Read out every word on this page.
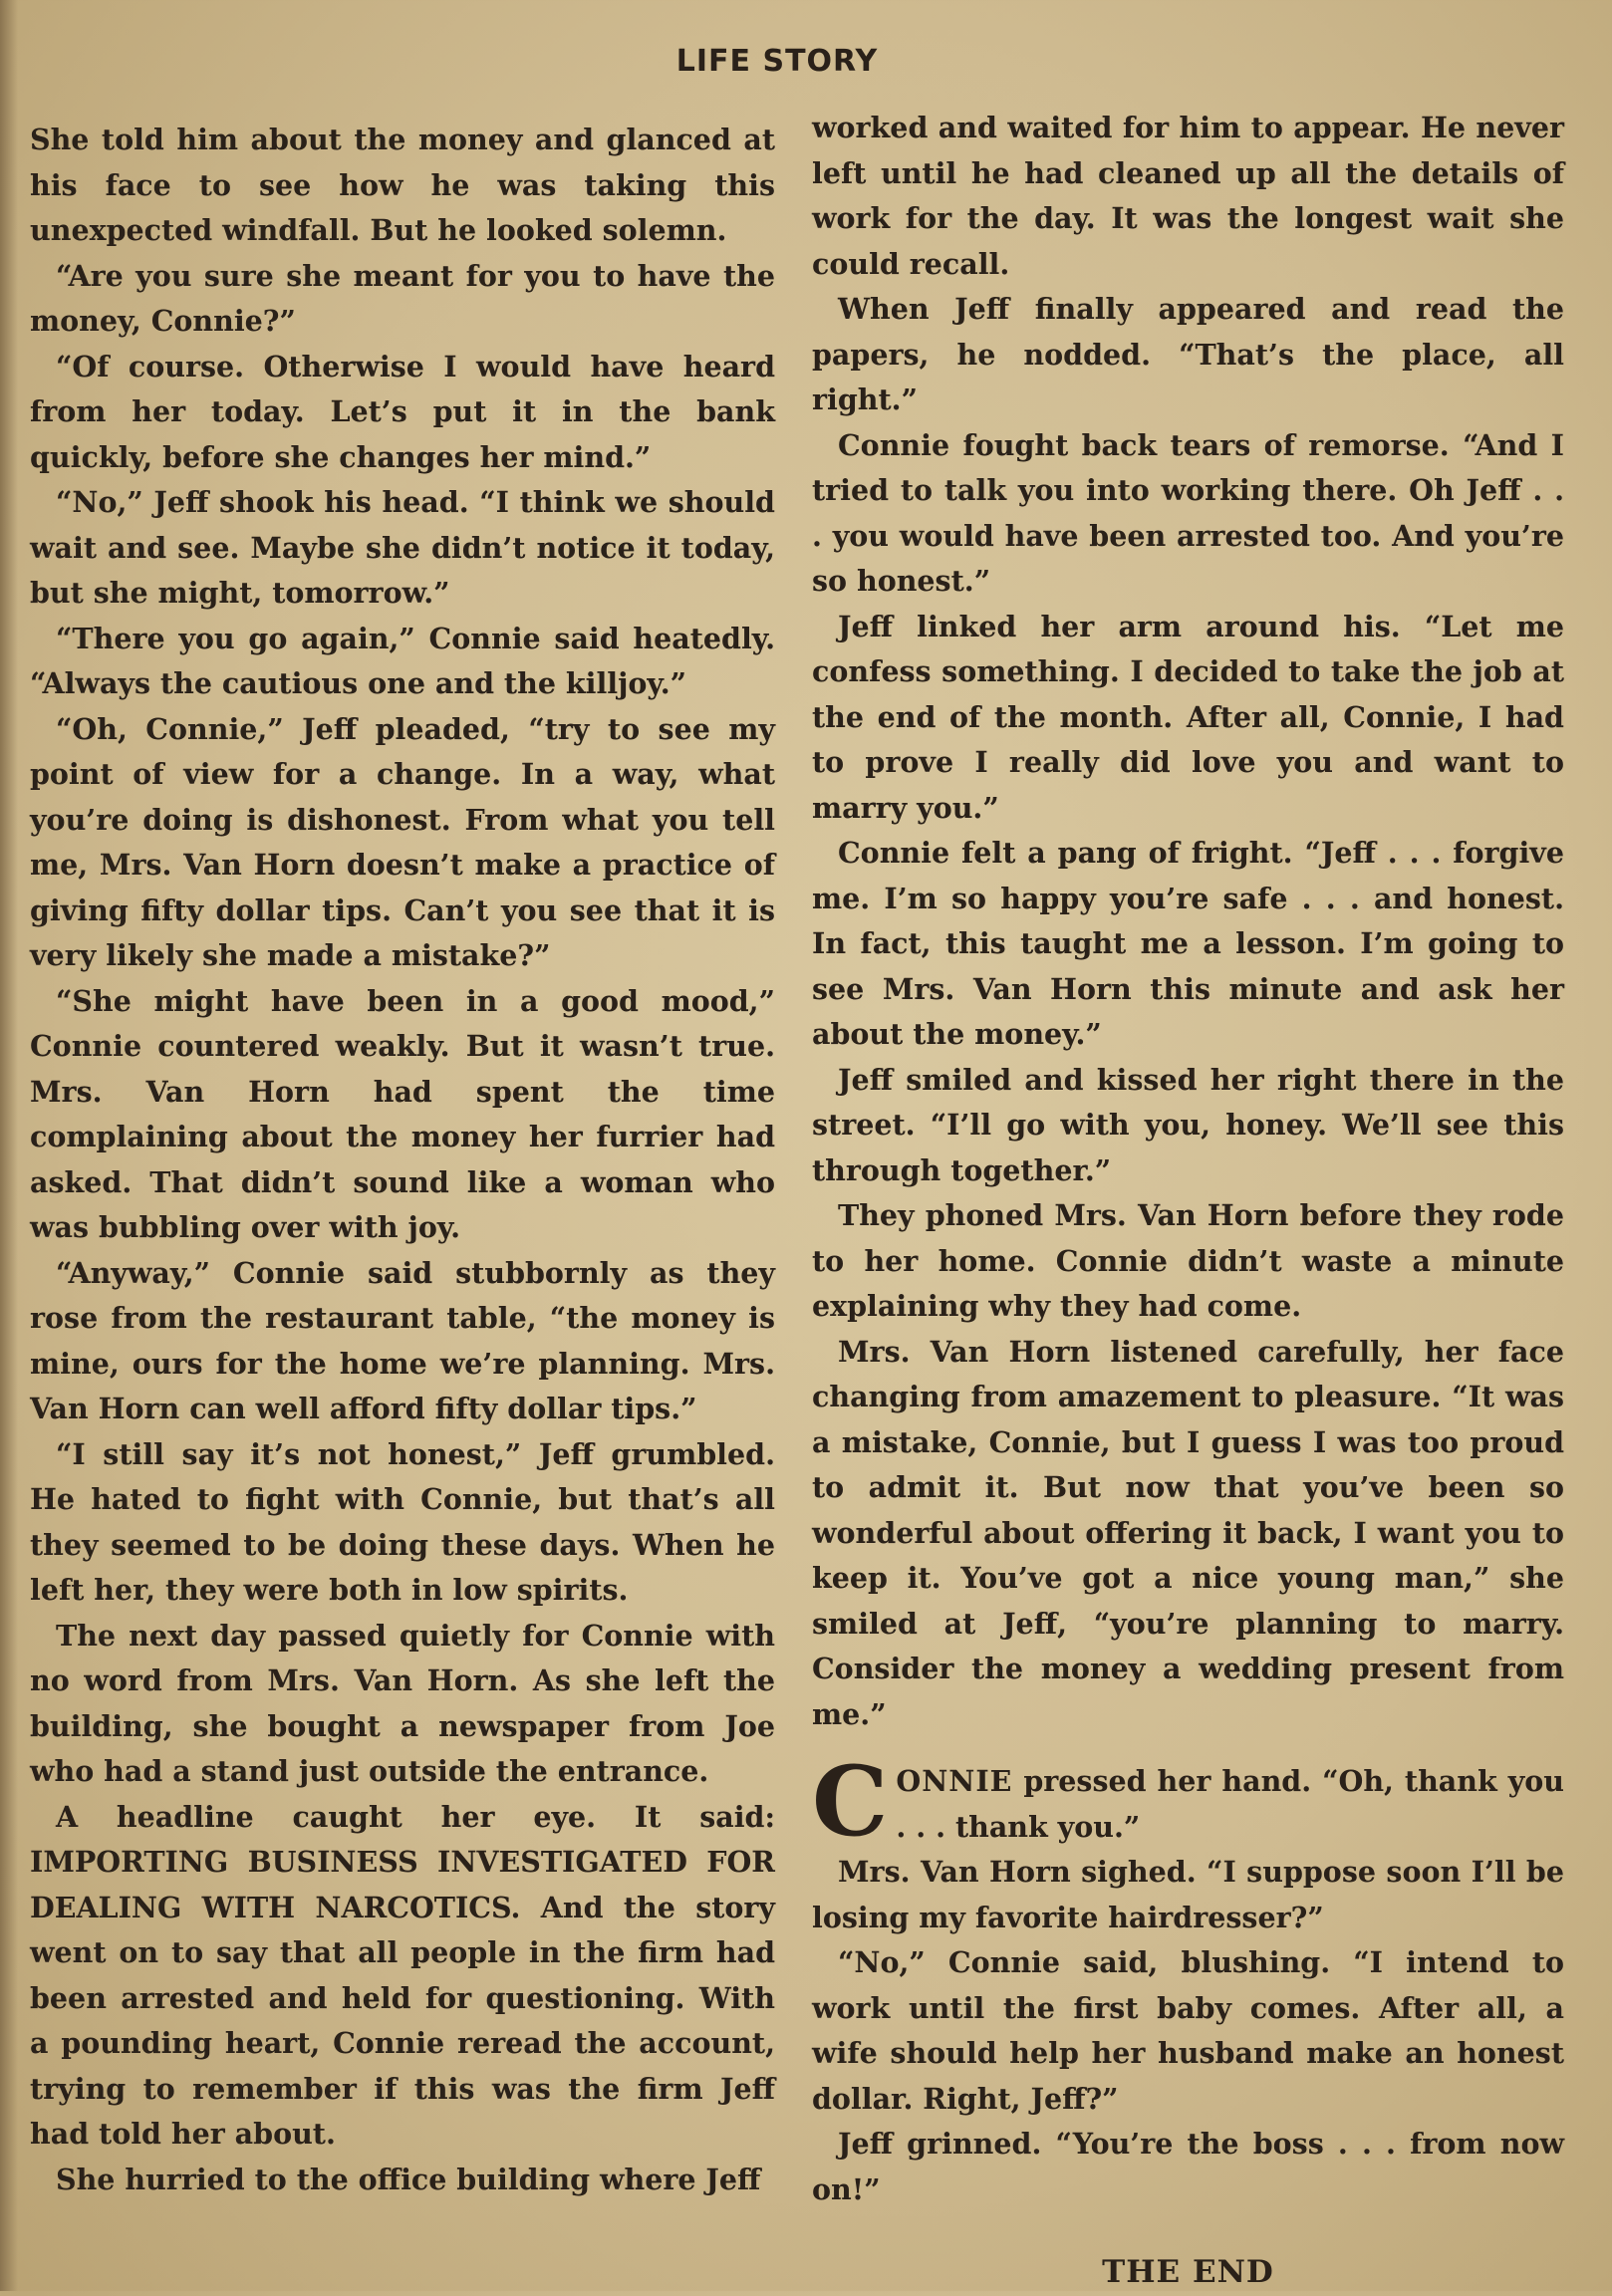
LIFE STORY

She told him about the money and glanced at his face to see how he was taking this unexpected windfall. But he looked solemn.

“Are you sure she meant for you to have the money, Connie?”

“Of course. Otherwise I would have heard from her today. Let’s put it in the bank quickly, before she changes her mind.”

“No,” Jeff shook his head. “I think we should wait and see. Maybe she didn’t notice it today, but she might, tomorrow.”

“There you go again,” Connie said heatedly. “Always the cautious one and the killjoy.”

“Oh, Connie,” Jeff pleaded, “try to see my point of view for a change. In a way, what you’re doing is dishonest. From what you tell me, Mrs. Van Horn doesn’t make a practice of giving fifty dollar tips. Can’t you see that it is very likely she made a mistake?”

“She might have been in a good mood,” Connie countered weakly. But it wasn’t true. Mrs. Van Horn had spent the time complaining about the money her furrier had asked. That didn’t sound like a woman who was bubbling over with joy.

“Anyway,” Connie said stubbornly as they rose from the restaurant table, “the money is mine, ours for the home we’re planning. Mrs. Van Horn can well afford fifty dollar tips.”

“I still say it’s not honest,” Jeff grumbled. He hated to fight with Connie, but that’s all they seemed to be doing these days. When he left her, they were both in low spirits.

The next day passed quietly for Connie with no word from Mrs. Van Horn. As she left the building, she bought a newspaper from Joe who had a stand just outside the entrance.

A headline caught her eye. It said: IMPORTING BUSINESS INVESTIGATED FOR DEALING WITH NARCOTICS. And the story went on to say that all people in the firm had been arrested and held for questioning. With a pounding heart, Connie reread the account, trying to remember if this was the firm Jeff had told her about.

She hurried to the office building where Jeff

worked and waited for him to appear. He never left until he had cleaned up all the details of work for the day. It was the longest wait she could recall.

When Jeff finally appeared and read the papers, he nodded. “That’s the place, all right.”

Connie fought back tears of remorse. “And I tried to talk you into working there. Oh Jeff . . . you would have been arrested too. And you’re so honest.”

Jeff linked her arm around his. “Let me confess something. I decided to take the job at the end of the month. After all, Connie, I had to prove I really did love you and want to marry you.”

Connie felt a pang of fright. “Jeff . . . forgive me. I’m so happy you’re safe . . . and honest. In fact, this taught me a lesson. I’m going to see Mrs. Van Horn this minute and ask her about the money.”

Jeff smiled and kissed her right there in the street. “I’ll go with you, honey. We’ll see this through together.”

They phoned Mrs. Van Horn before they rode to her home. Connie didn’t waste a minute explaining why they had come.

Mrs. Van Horn listened carefully, her face changing from amazement to pleasure. “It was a mistake, Connie, but I guess I was too proud to admit it. But now that you’ve been so wonderful about offering it back, I want you to keep it. You’ve got a nice young man,” she smiled at Jeff, “you’re planning to marry. Consider the money a wedding present from me.”

CONNIE pressed her hand. “Oh, thank you . . . thank you.”

Mrs. Van Horn sighed. “I suppose soon I’ll be losing my favorite hairdresser?”

“No,” Connie said, blushing. “I intend to work until the first baby comes. After all, a wife should help her husband make an honest dollar. Right, Jeff?”

Jeff grinned. “You’re the boss . . . from now on!”

THE END
